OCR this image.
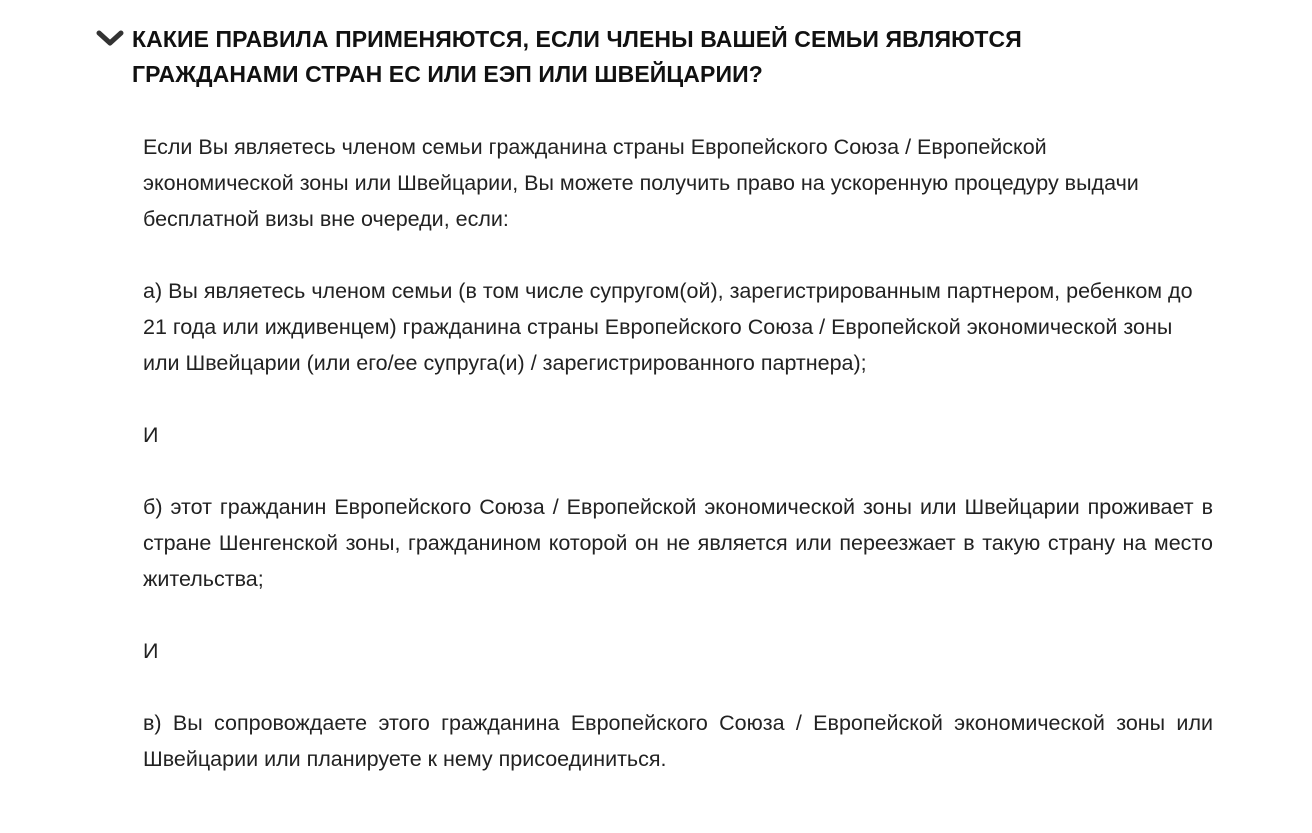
КАКИЕ ПРАВИЛА ПРИМЕНЯЮТСЯ, ЕСЛИ ЧЛЕНЫ ВАШЕЙ СЕМЬИ ЯВЛЯЮТСЯ ГРАЖДАНАМИ СТРАН ЕС ИЛИ ЕЭП ИЛИ ШВЕЙЦАРИИ?

Если Вы являетесь членом семьи гражданина страны Европейского Союза / Европейской экономической зоны или Швейцарии, Вы можете получить право на ускоренную процедуру выдачи бесплатной визы вне очереди, если:

а) Вы являетесь членом семьи (в том числе супругом(ой), зарегистрированным партнером, ребенком до 21 года или иждивенцем) гражданина страны Европейского Союза / Европейской экономической зоны или Швейцарии (или его/ее супруга(и) / зарегистрированного партнера);

И

б) этот гражданин Европейского Союза / Европейской экономической зоны или Швейцарии проживает в стране Шенгенской зоны, гражданином которой он не является или переезжает в такую страну на место жительства;

И

в) Вы сопровождаете этого гражданина Европейского Союза / Европейской экономической зоны или Швейцарии или планируете к нему присоединиться.
